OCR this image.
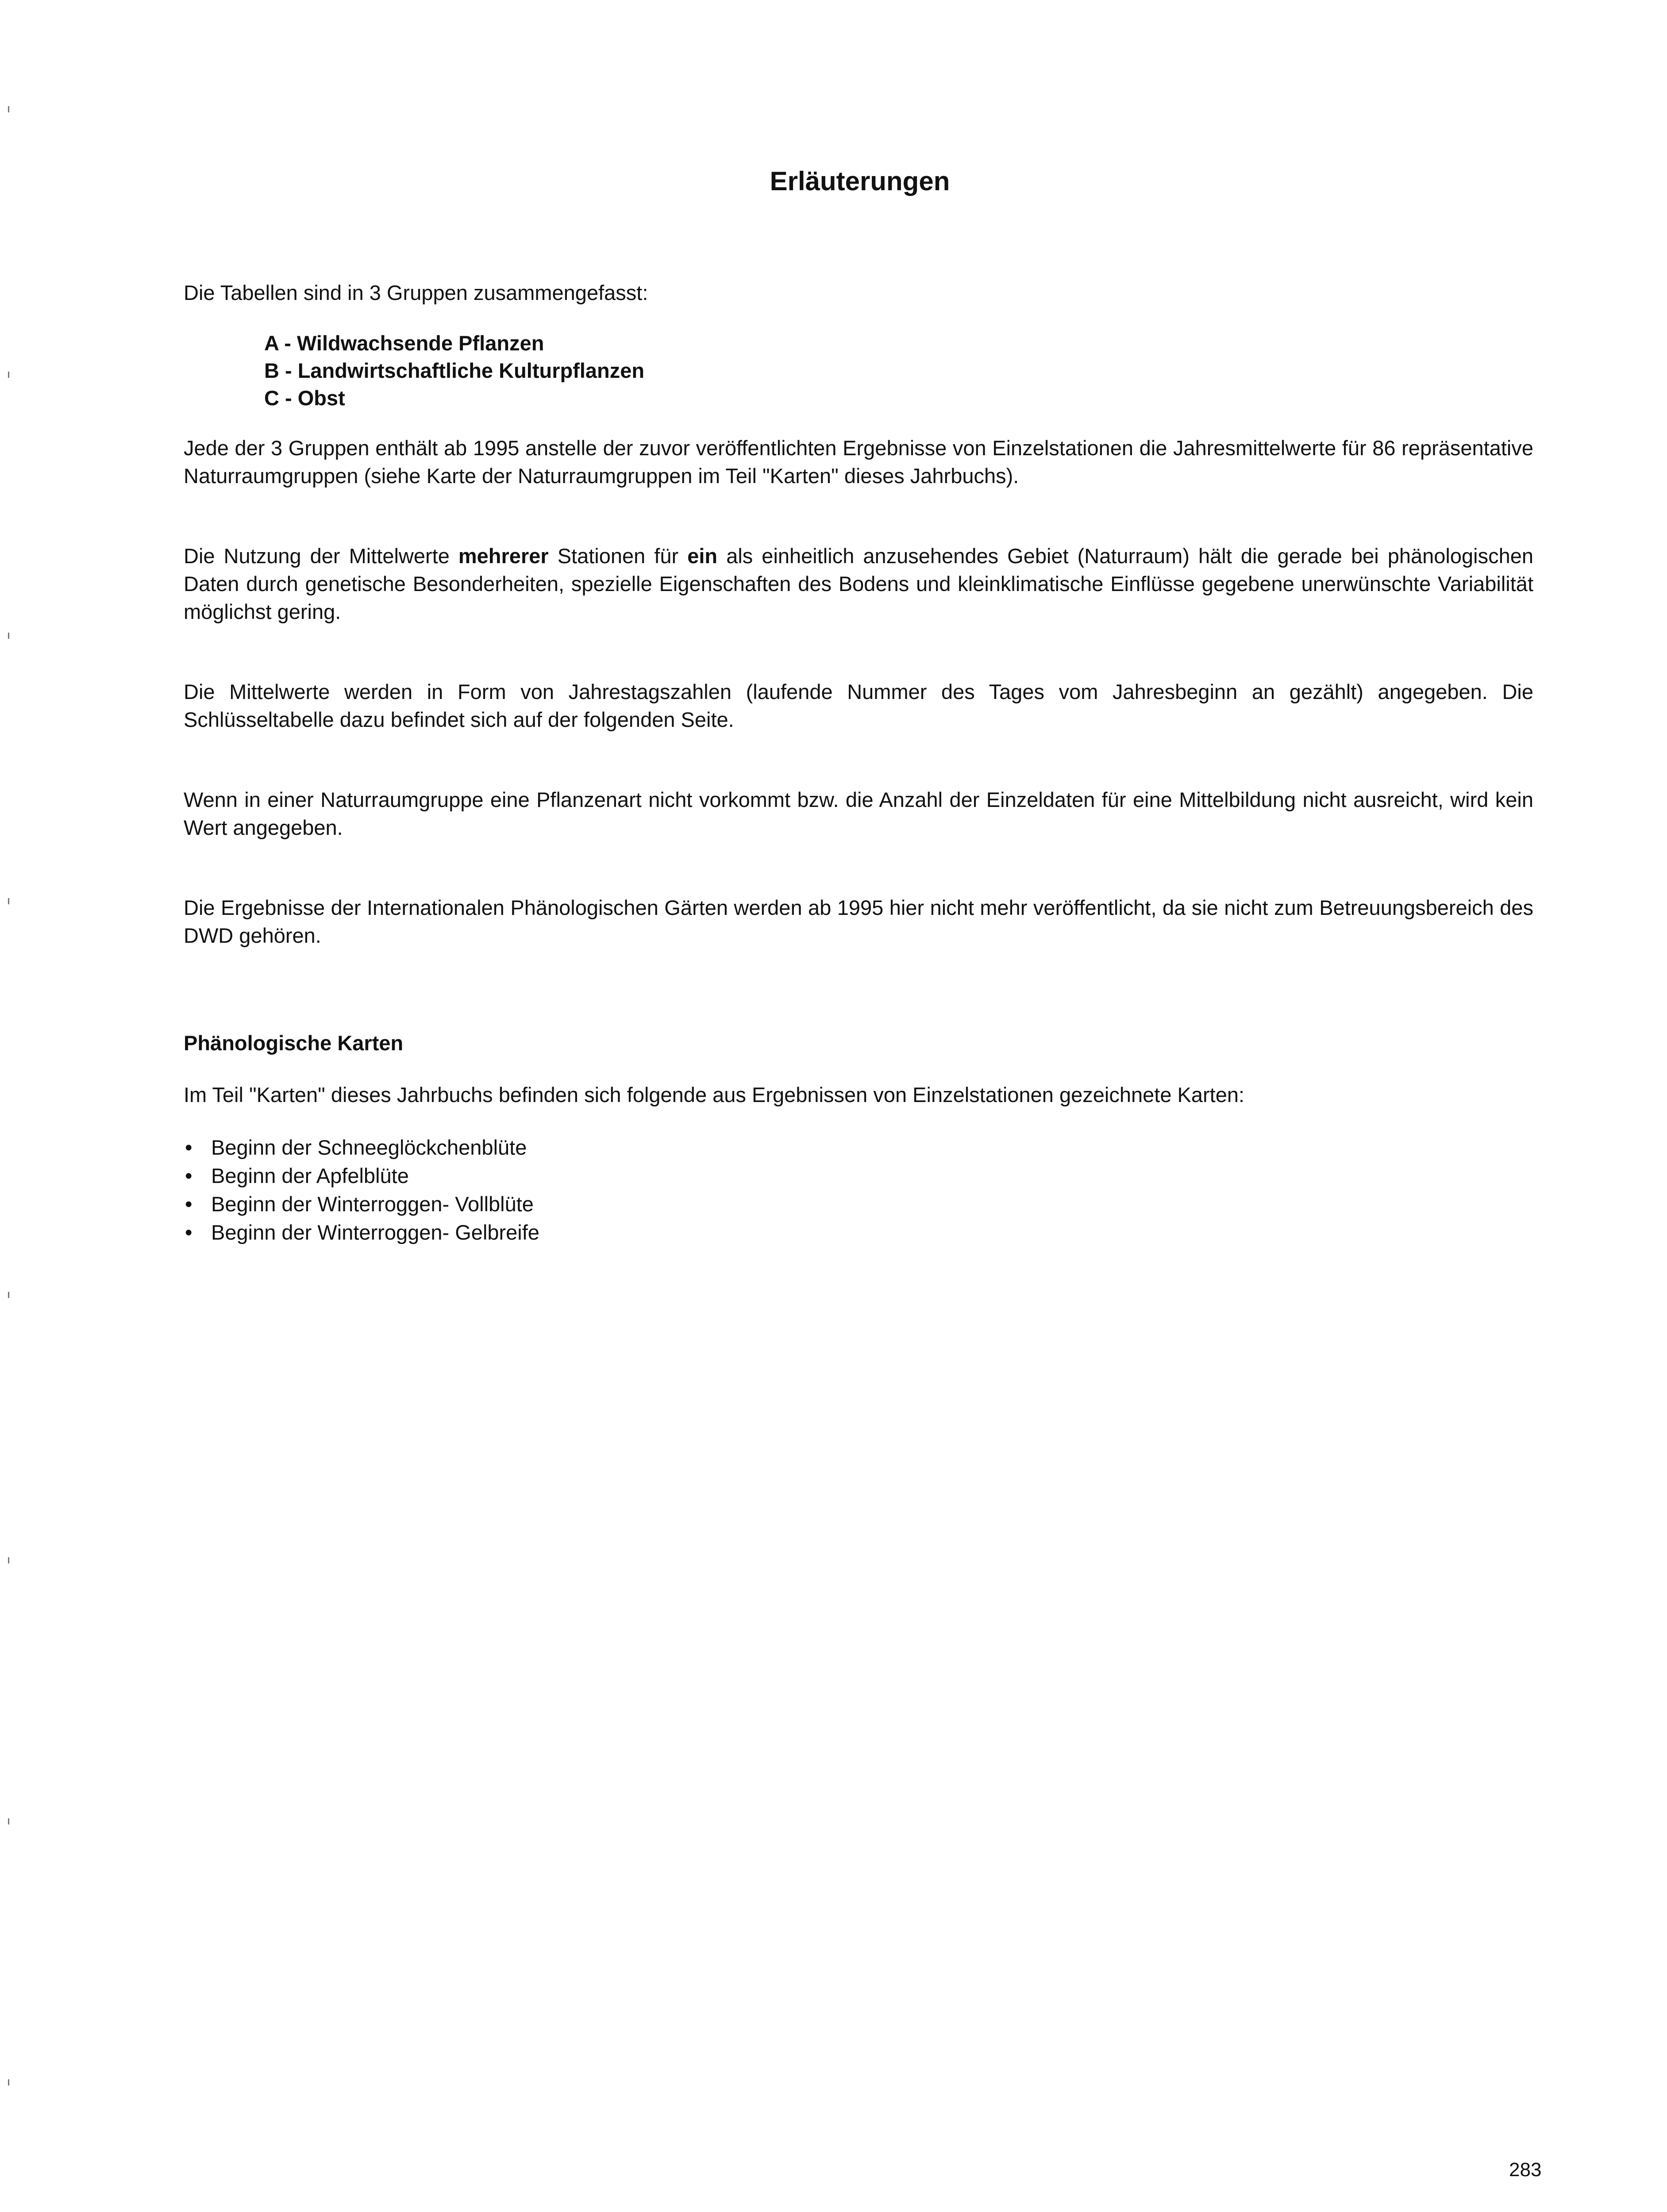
Erläuterungen

Die Tabellen sind in 3 Gruppen zusammengefasst:

A - Wildwachsende Pflanzen
B - Landwirtschaftliche Kulturpflanzen
C - Obst

Jede der 3 Gruppen enthält ab 1995 anstelle der zuvor veröffentlichten Ergebnisse von Einzelstationen die Jahresmittelwerte für 86 repräsentative Naturraumgruppen (siehe Karte der Naturraumgruppen im Teil "Karten" dieses Jahrbuchs).

Die Nutzung der Mittelwerte mehrerer Stationen für ein als einheitlich anzusehendes Gebiet (Naturraum) hält die gerade bei phänologischen Daten durch genetische Besonderheiten, spezielle Eigenschaften des Bodens und kleinklimatische Einflüsse gegebene unerwünschte Variabilität möglichst gering.

Die Mittelwerte werden in Form von Jahrestagszahlen (laufende Nummer des Tages vom Jahresbeginn an gezählt) angegeben. Die Schlüsseltabelle dazu befindet sich auf der folgenden Seite.

Wenn in einer Naturraumgruppe eine Pflanzenart nicht vorkommt bzw. die Anzahl der Einzeldaten für eine Mittelbildung nicht ausreicht, wird kein Wert angegeben.

Die Ergebnisse der Internationalen Phänologischen Gärten werden ab 1995 hier nicht mehr veröffentlicht, da sie nicht zum Betreuungsbereich des DWD gehören.

Phänologische Karten

Im Teil "Karten" dieses Jahrbuchs befinden sich folgende aus Ergebnissen von Einzelstationen gezeichnete Karten:

• Beginn der Schneeglöckchenblüte
• Beginn der Apfelblüte
• Beginn der Winterroggen- Vollblüte
• Beginn der Winterroggen- Gelbreife
283
